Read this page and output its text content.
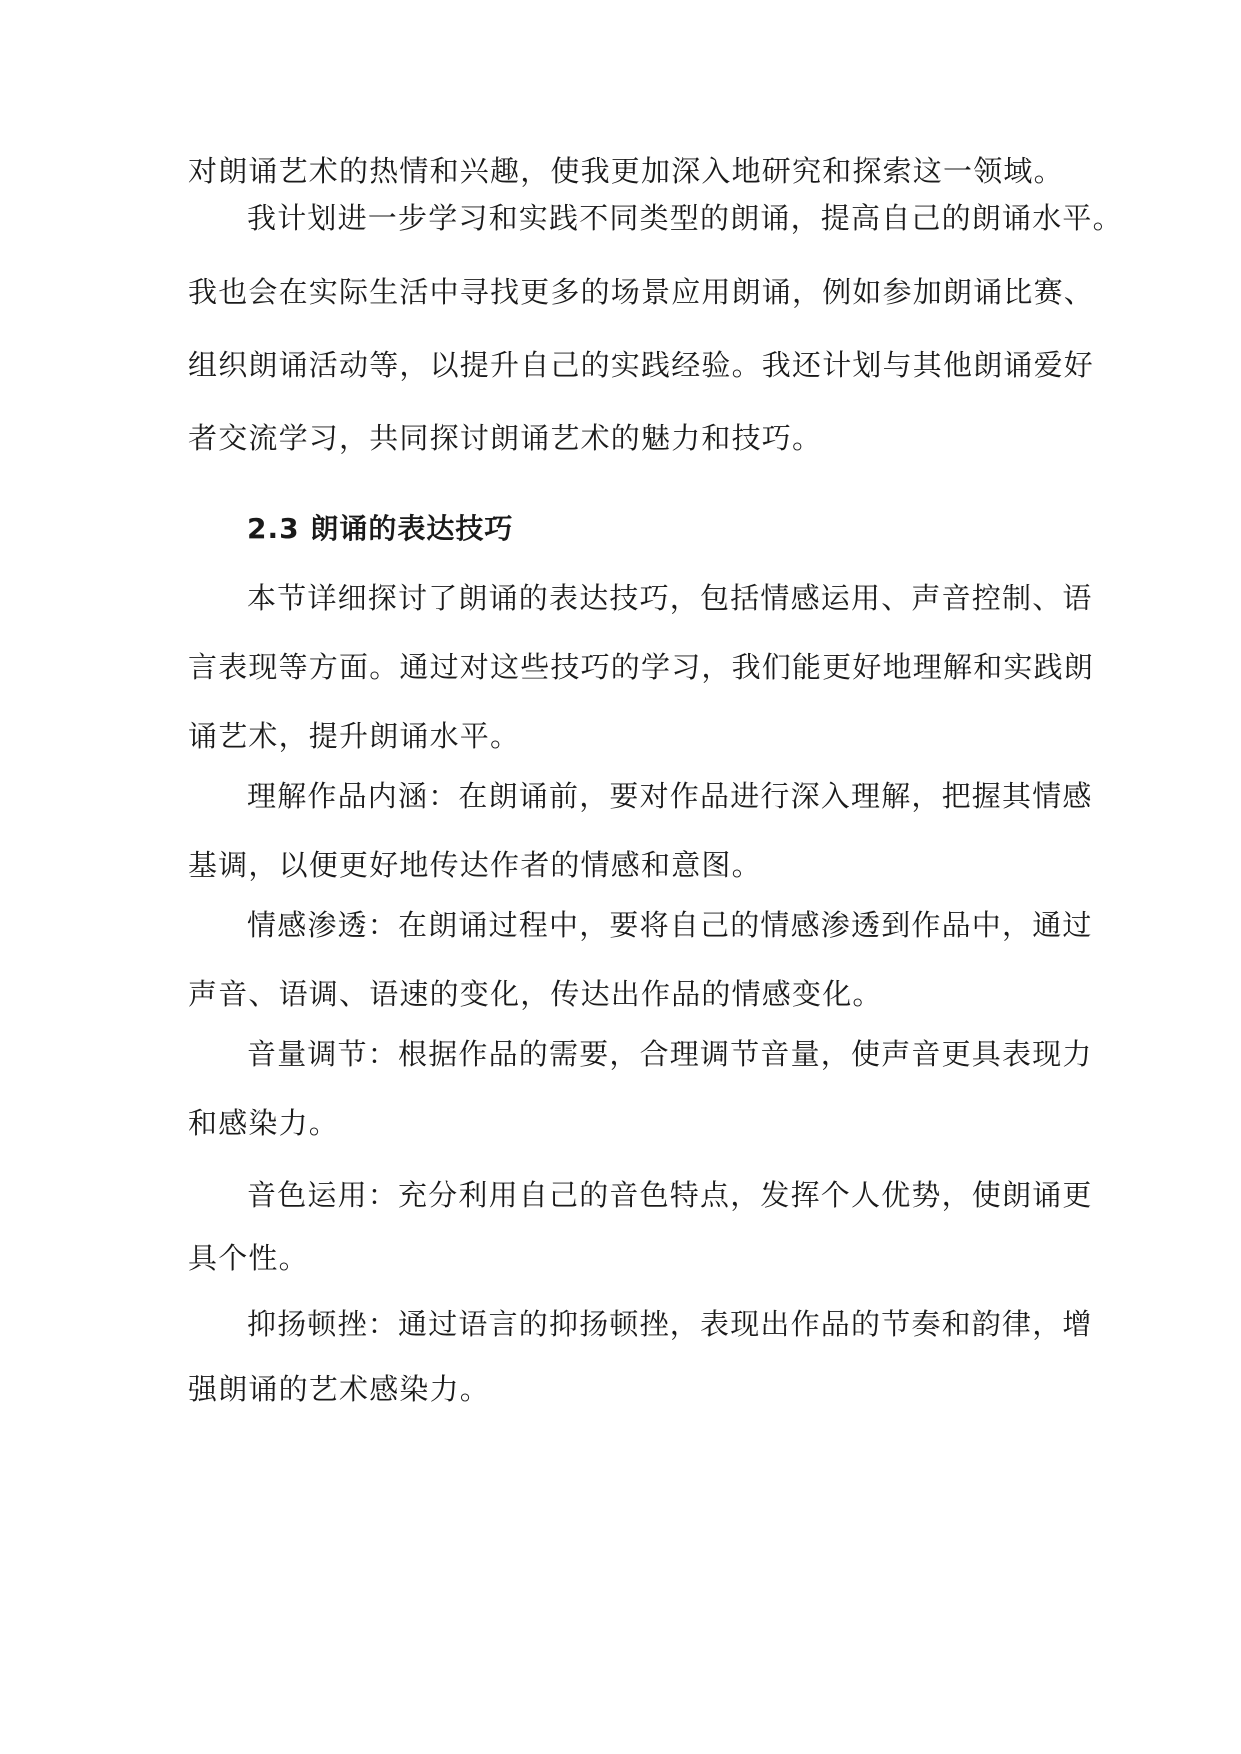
对朗诵艺术的热情和兴趣，使我更加深入地研究和探索这一领域。
我计划进一步学习和实践不同类型的朗诵，提高自己的朗诵水平。
我也会在实际生活中寻找更多的场景应用朗诵，例如参加朗诵比赛、
组织朗诵活动等，以提升自己的实践经验。我还计划与其他朗诵爱好
者交流学习，共同探讨朗诵艺术的魅力和技巧。
2.3 朗诵的表达技巧
本节详细探讨了朗诵的表达技巧，包括情感运用、声音控制、语
言表现等方面。通过对这些技巧的学习，我们能更好地理解和实践朗
诵艺术，提升朗诵水平。
理解作品内涵：在朗诵前，要对作品进行深入理解，把握其情感
基调，以便更好地传达作者的情感和意图。
情感渗透：在朗诵过程中，要将自己的情感渗透到作品中，通过
声音、语调、语速的变化，传达出作品的情感变化。
音量调节：根据作品的需要，合理调节音量，使声音更具表现力
和感染力。
音色运用：充分利用自己的音色特点，发挥个人优势，使朗诵更
具个性。
抑扬顿挫：通过语言的抑扬顿挫，表现出作品的节奏和韵律，增
强朗诵的艺术感染力。
